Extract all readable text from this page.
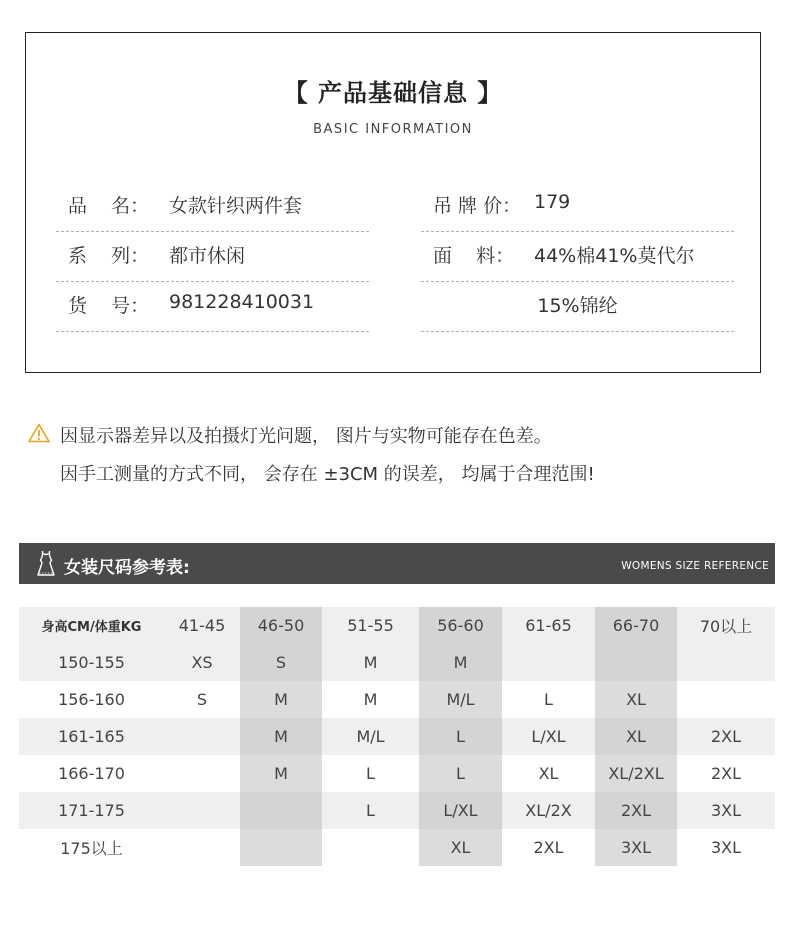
【 产品基础信息 】
BASIC INFORMATION
品    名： 女款针织两件套
系    列： 都市休闲
货    号： 981228410031
吊 牌 价： 179
面    料： 44%棉41%莫代尔
15%锦纶
因显示器差异以及拍摄灯光问题， 图片与实物可能存在色差。
因手工测量的方式不同， 会存在 ±3CM 的误差， 均属于合理范围!
女装尺码参考表:	WOMENS SIZE REFERENCE
身高CM/体重KG	41-45	46-50	51-55	56-60	61-65	66-70	70以上
150-155	XS	S	M	M			
156-160	S	M	M	M/L	L	XL	
161-165		M	M/L	L	L/XL	XL	2XL
166-170		M	L	L	XL	XL/2XL	2XL
171-175			L	L/XL	XL/2X	2XL	3XL
175以上				XL	2XL	3XL	3XL
